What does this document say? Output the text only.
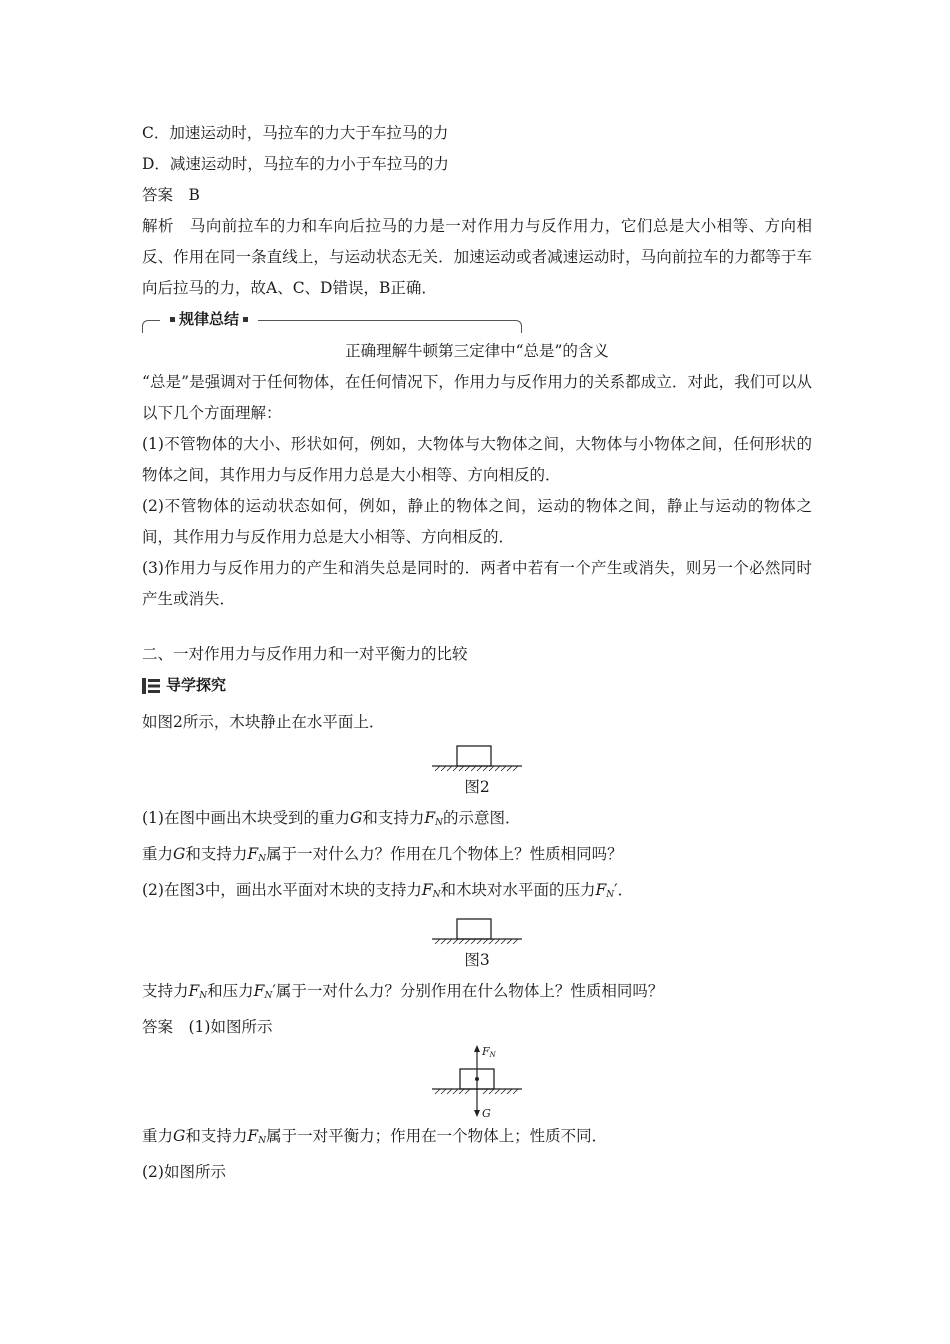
C．加速运动时，马拉车的力大于车拉马的力

D．减速运动时，马拉车的力小于车拉马的力

答案　B

解析　马向前拉车的力和车向后拉马的力是一对作用力与反作用力，它们总是大小相等、方向相反、作用在同一条直线上，与运动状态无关．加速运动或者减速运动时，马向前拉车的力都等于车向后拉马的力，故A、C、D错误，B正确．

规律总结

正确理解牛顿第三定律中“总是”的含义

“总是”是强调对于任何物体，在任何情况下，作用力与反作用力的关系都成立．对此，我们可以从以下几个方面理解：

(1)不管物体的大小、形状如何，例如，大物体与大物体之间，大物体与小物体之间，任何形状的物体之间，其作用力与反作用力总是大小相等、方向相反的．

(2)不管物体的运动状态如何，例如，静止的物体之间，运动的物体之间，静止与运动的物体之间，其作用力与反作用力总是大小相等、方向相反的．

(3)作用力与反作用力的产生和消失总是同时的．两者中若有一个产生或消失，则另一个必然同时产生或消失．

二、一对作用力与反作用力和一对平衡力的比较

导学探究

如图2所示，木块静止在水平面上．

图2

(1)在图中画出木块受到的重力G和支持力$F_N$的示意图．

重力G和支持力$F_N$属于一对什么力？作用在几个物体上？性质相同吗？

(2)在图3中，画出水平面对木块的支持力$F_N$和木块对水平面的压力$F_N'$．

图3

支持力$F_N$和压力$F_N'$属于一对什么力？分别作用在什么物体上？性质相同吗？

答案　(1)如图所示

FN
G

重力G和支持力$F_N$属于一对平衡力；作用在一个物体上；性质不同．

(2)如图所示
